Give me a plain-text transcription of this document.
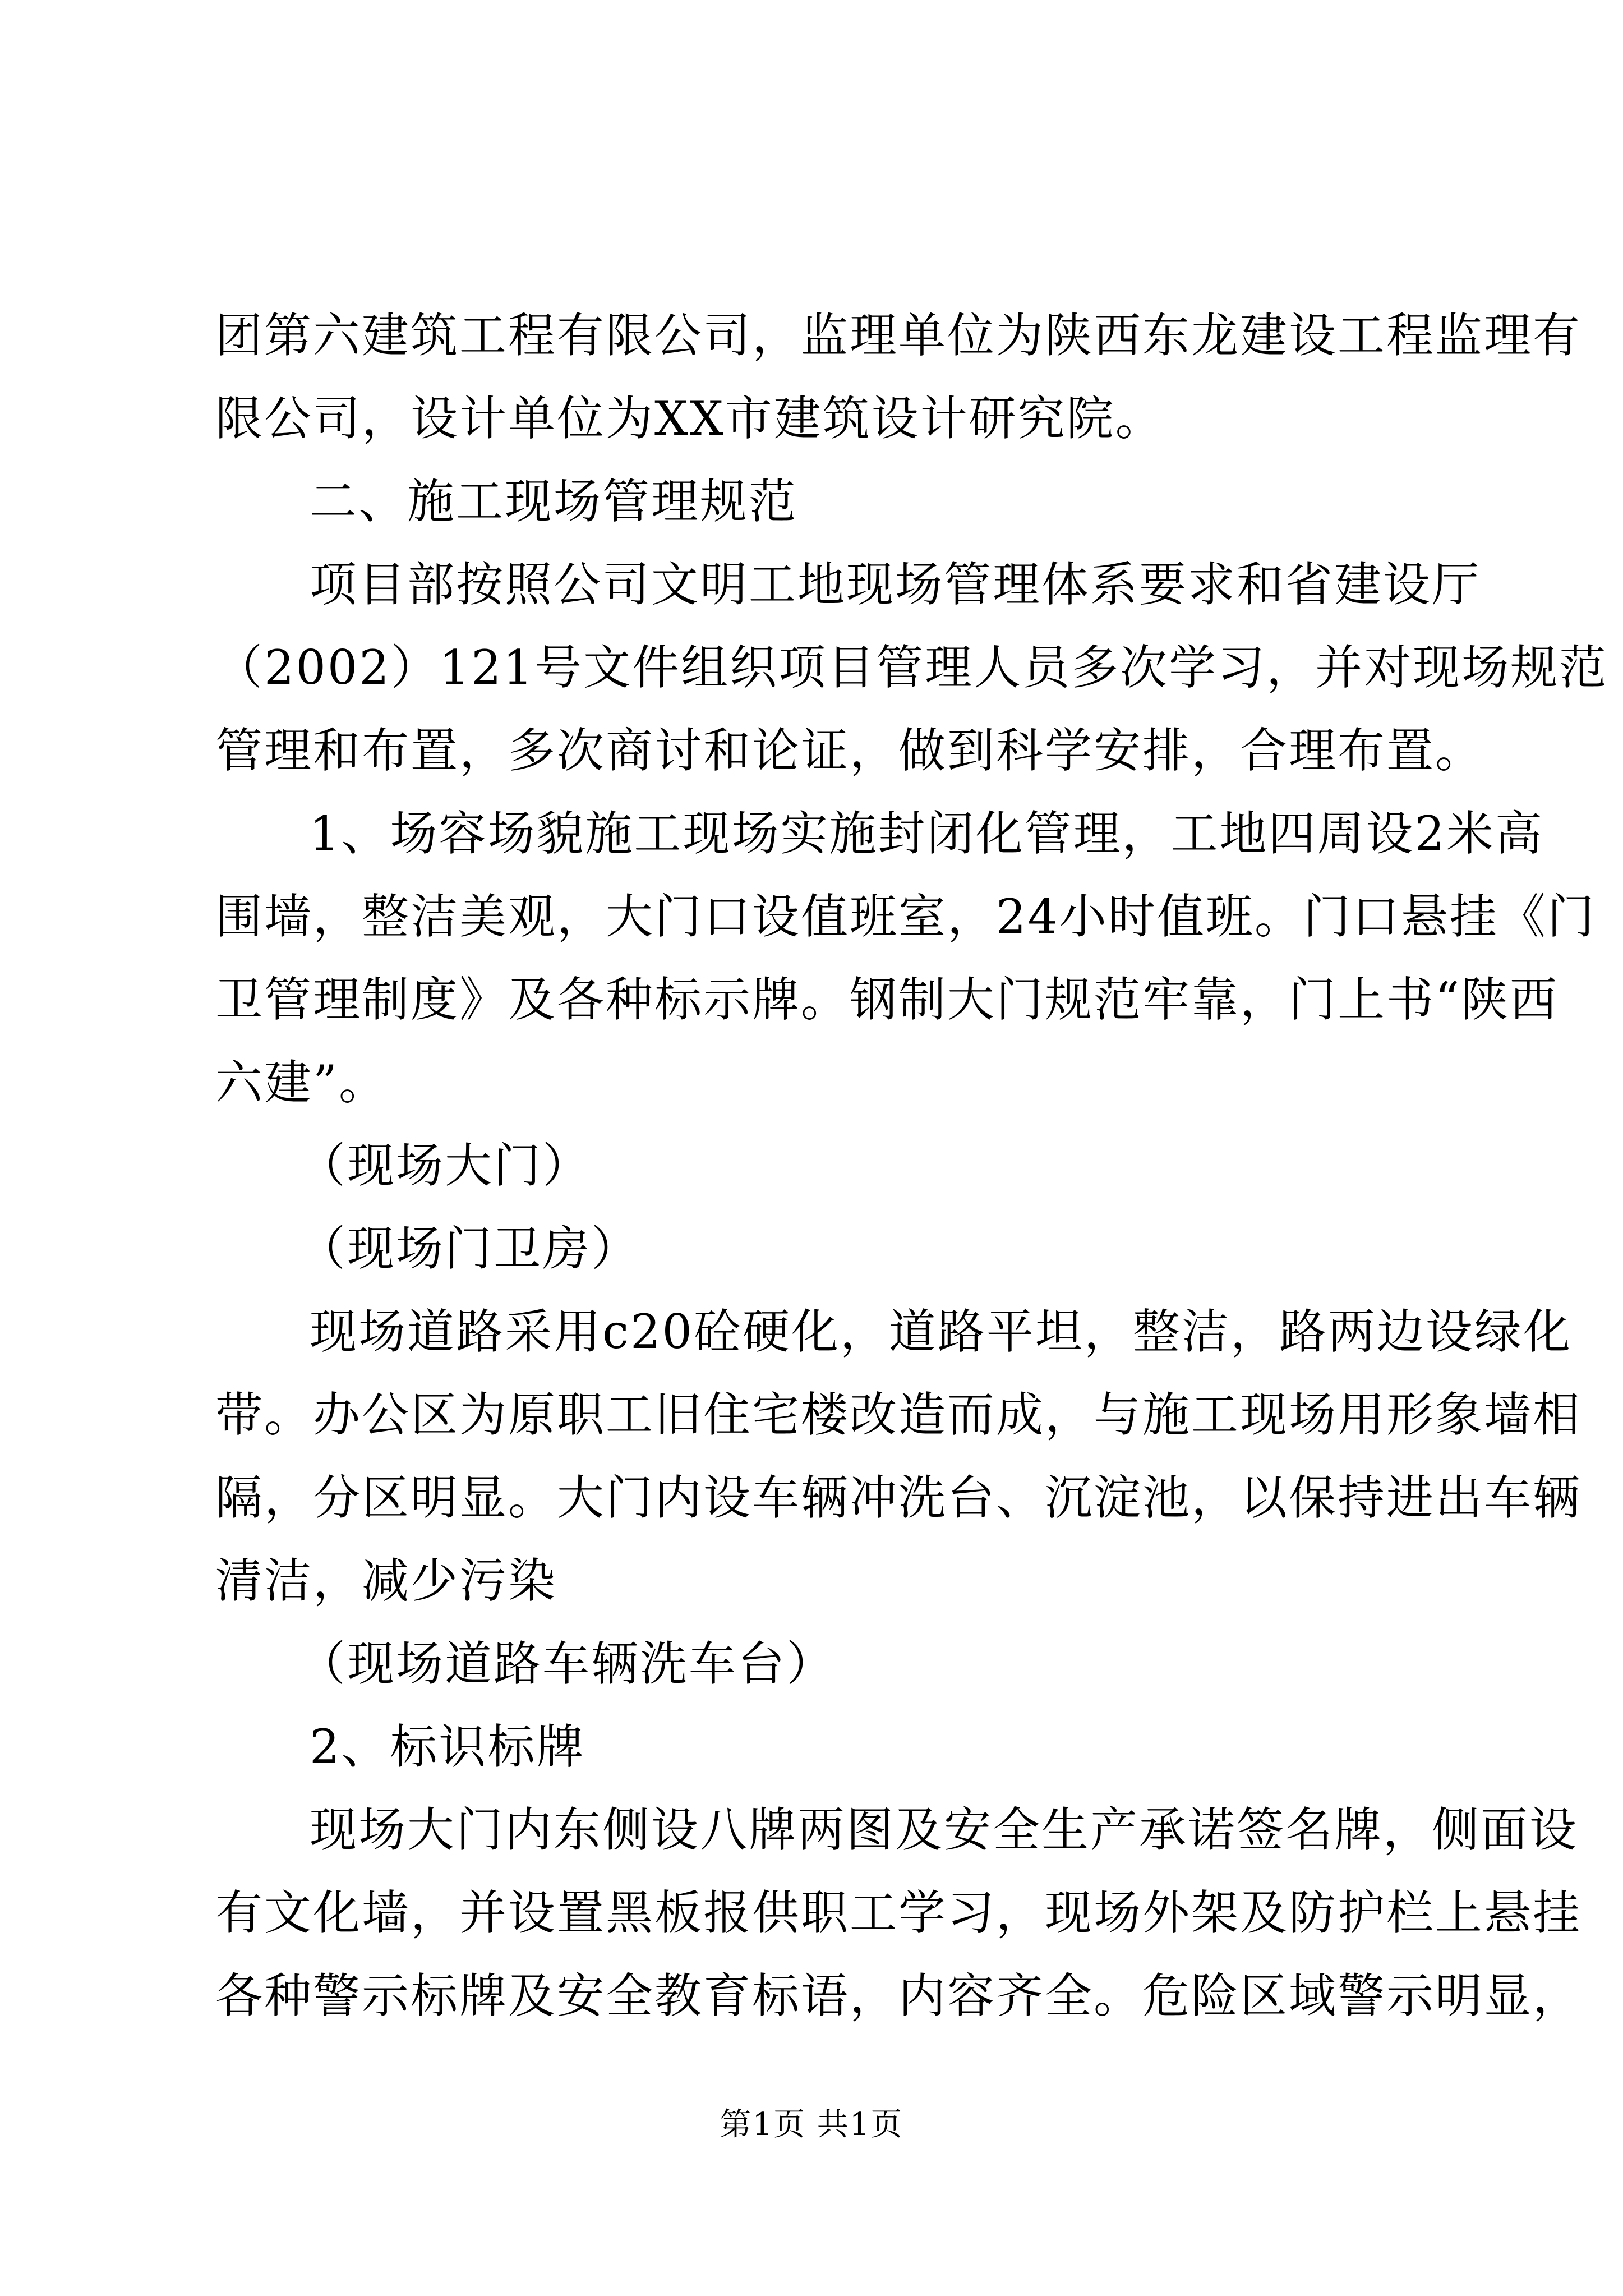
团第六建筑工程有限公司，监理单位为陕西东龙建设工程监理有
限公司，设计单位为XX市建筑设计研究院。
二、施工现场管理规范
项目部按照公司文明工地现场管理体系要求和省建设厅
（2002）121号文件组织项目管理人员多次学习，并对现场规范
管理和布置，多次商讨和论证，做到科学安排，合理布置。
1、场容场貌施工现场实施封闭化管理，工地四周设2米高
围墙，整洁美观，大门口设值班室，24小时值班。门口悬挂《门
卫管理制度》及各种标示牌。钢制大门规范牢靠，门上书“陕西
六建”。
（现场大门）
（现场门卫房）
现场道路采用c20砼硬化，道路平坦，整洁，路两边设绿化
带。办公区为原职工旧住宅楼改造而成，与施工现场用形象墙相
隔，分区明显。大门内设车辆冲洗台、沉淀池，以保持进出车辆
清洁，减少污染
（现场道路车辆洗车台）
2、标识标牌
现场大门内东侧设八牌两图及安全生产承诺签名牌，侧面设
有文化墙，并设置黑板报供职工学习，现场外架及防护栏上悬挂
各种警示标牌及安全教育标语，内容齐全。危险区域警示明显，
第1页 共1页
